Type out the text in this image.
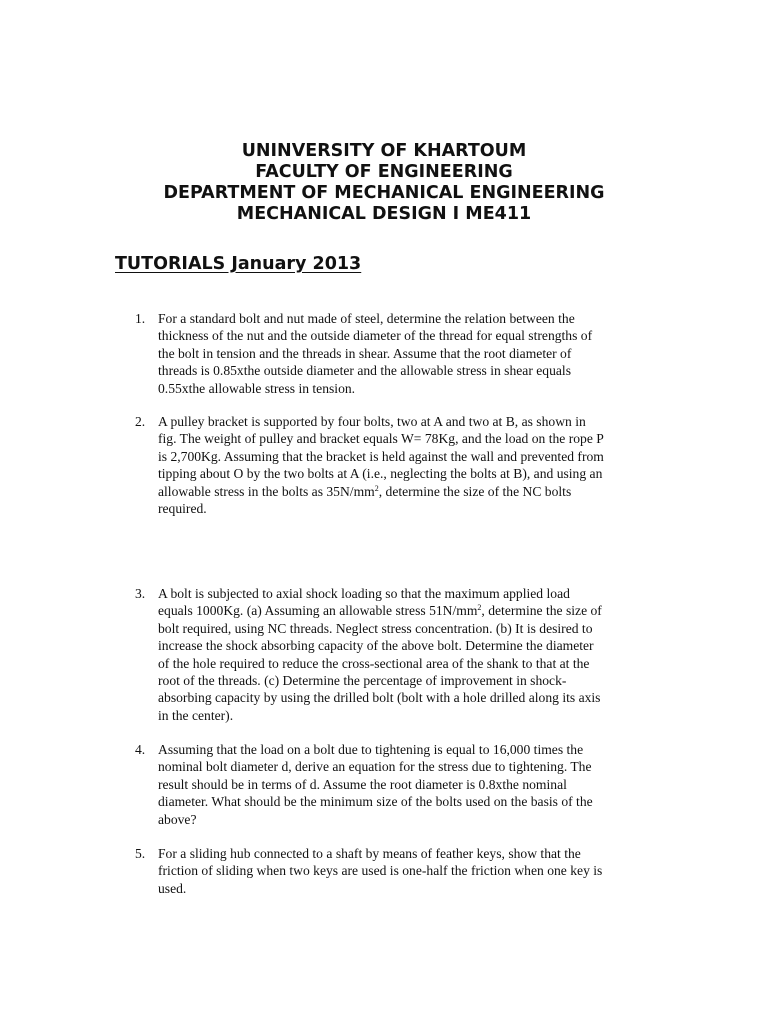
UNINVERSITY OF KHARTOUM
FACULTY OF ENGINEERING
DEPARTMENT OF MECHANICAL ENGINEERING
MECHANICAL DESIGN I ME411
TUTORIALS January 2013
1. For a standard bolt and nut made of steel, determine the relation between the
thickness of the nut and the outside diameter of the thread for equal strengths of
the bolt in tension and the threads in shear. Assume that the root diameter of
threads is 0.85xthe outside diameter and the allowable stress in shear equals
0.55xthe allowable stress in tension.
2. A pulley bracket is supported by four bolts, two at A and two at B, as shown in
fig. The weight of pulley and bracket equals W= 78Kg, and the load on the rope P
is 2,700Kg. Assuming that the bracket is held against the wall and prevented from
tipping about O by the two bolts at A (i.e., neglecting the bolts at B), and using an
allowable stress in the bolts as $35N/mm^2$, determine the size of the NC bolts
required.
3. A bolt is subjected to axial shock loading so that the maximum applied load
equals 1000Kg. (a) Assuming an allowable stress $51N/mm^2$, determine the size of
bolt required, using NC threads. Neglect stress concentration. (b) It is desired to
increase the shock absorbing capacity of the above bolt. Determine the diameter
of the hole required to reduce the cross-sectional area of the shank to that at the
root of the threads. (c) Determine the percentage of improvement in shock-
absorbing capacity by using the drilled bolt (bolt with a hole drilled along its axis
in the center).
4. Assuming that the load on a bolt due to tightening is equal to 16,000 times the
nominal bolt diameter d, derive an equation for the stress due to tightening. The
result should be in terms of d. Assume the root diameter is 0.8xthe nominal
diameter. What should be the minimum size of the bolts used on the basis of the
above?
5. For a sliding hub connected to a shaft by means of feather keys, show that the
friction of sliding when two keys are used is one-half the friction when one key is
used.
